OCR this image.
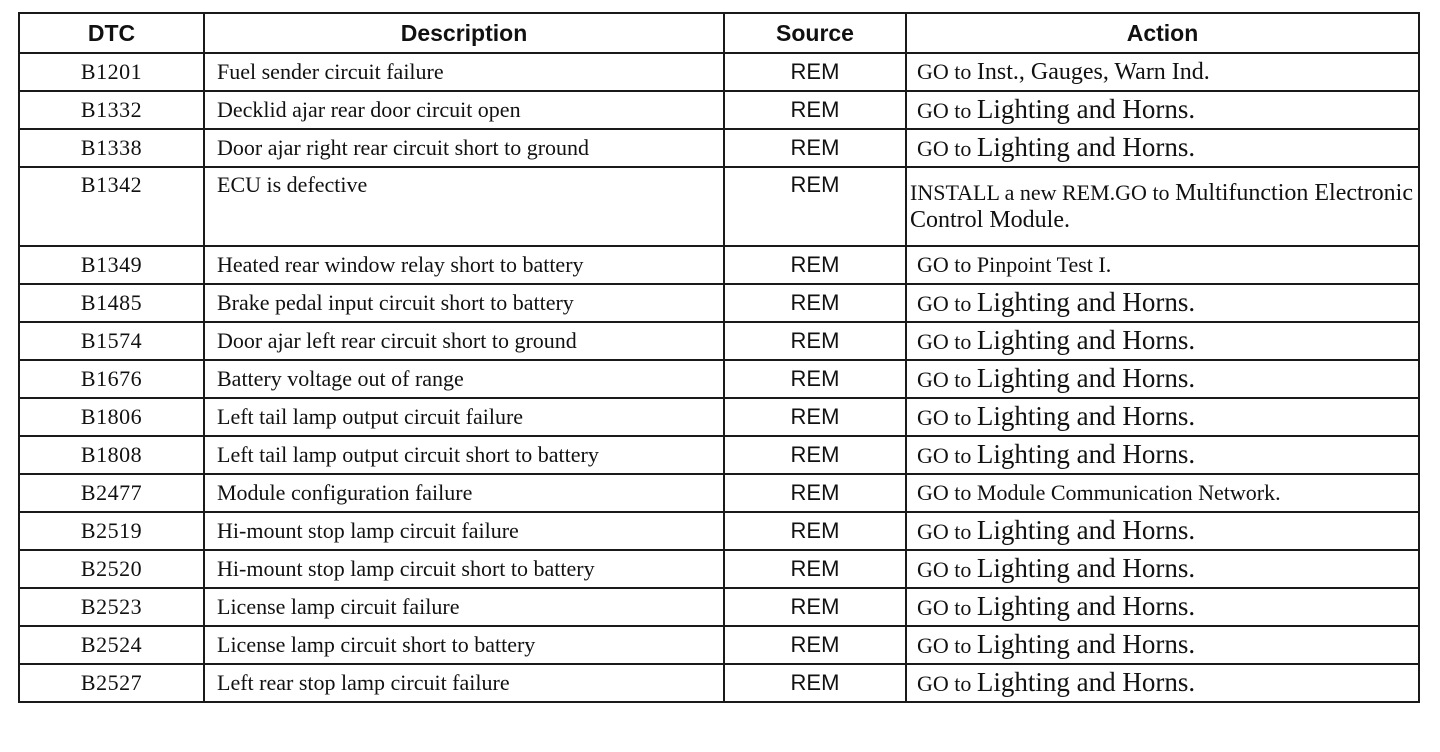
DTC	Description	Source	Action
B1201	Fuel sender circuit failure	REM	GO to Inst., Gauges, Warn Ind.
B1332	Decklid ajar rear door circuit open	REM	GO to Lighting and Horns.
B1338	Door ajar right rear circuit short to ground	REM	GO to Lighting and Horns.
B1342	ECU is defective	REM	INSTALL a new REM.GO to Multifunction Electronic Control Module.
B1349	Heated rear window relay short to battery	REM	GO to Pinpoint Test I.
B1485	Brake pedal input circuit short to battery	REM	GO to Lighting and Horns.
B1574	Door ajar left rear circuit short to ground	REM	GO to Lighting and Horns.
B1676	Battery voltage out of range	REM	GO to Lighting and Horns.
B1806	Left tail lamp output circuit failure	REM	GO to Lighting and Horns.
B1808	Left tail lamp output circuit short to battery	REM	GO to Lighting and Horns.
B2477	Module configuration failure	REM	GO to Module Communication Network.
B2519	Hi-mount stop lamp circuit failure	REM	GO to Lighting and Horns.
B2520	Hi-mount stop lamp circuit short to battery	REM	GO to Lighting and Horns.
B2523	License lamp circuit failure	REM	GO to Lighting and Horns.
B2524	License lamp circuit short to battery	REM	GO to Lighting and Horns.
B2527	Left rear stop lamp circuit failure	REM	GO to Lighting and Horns.
